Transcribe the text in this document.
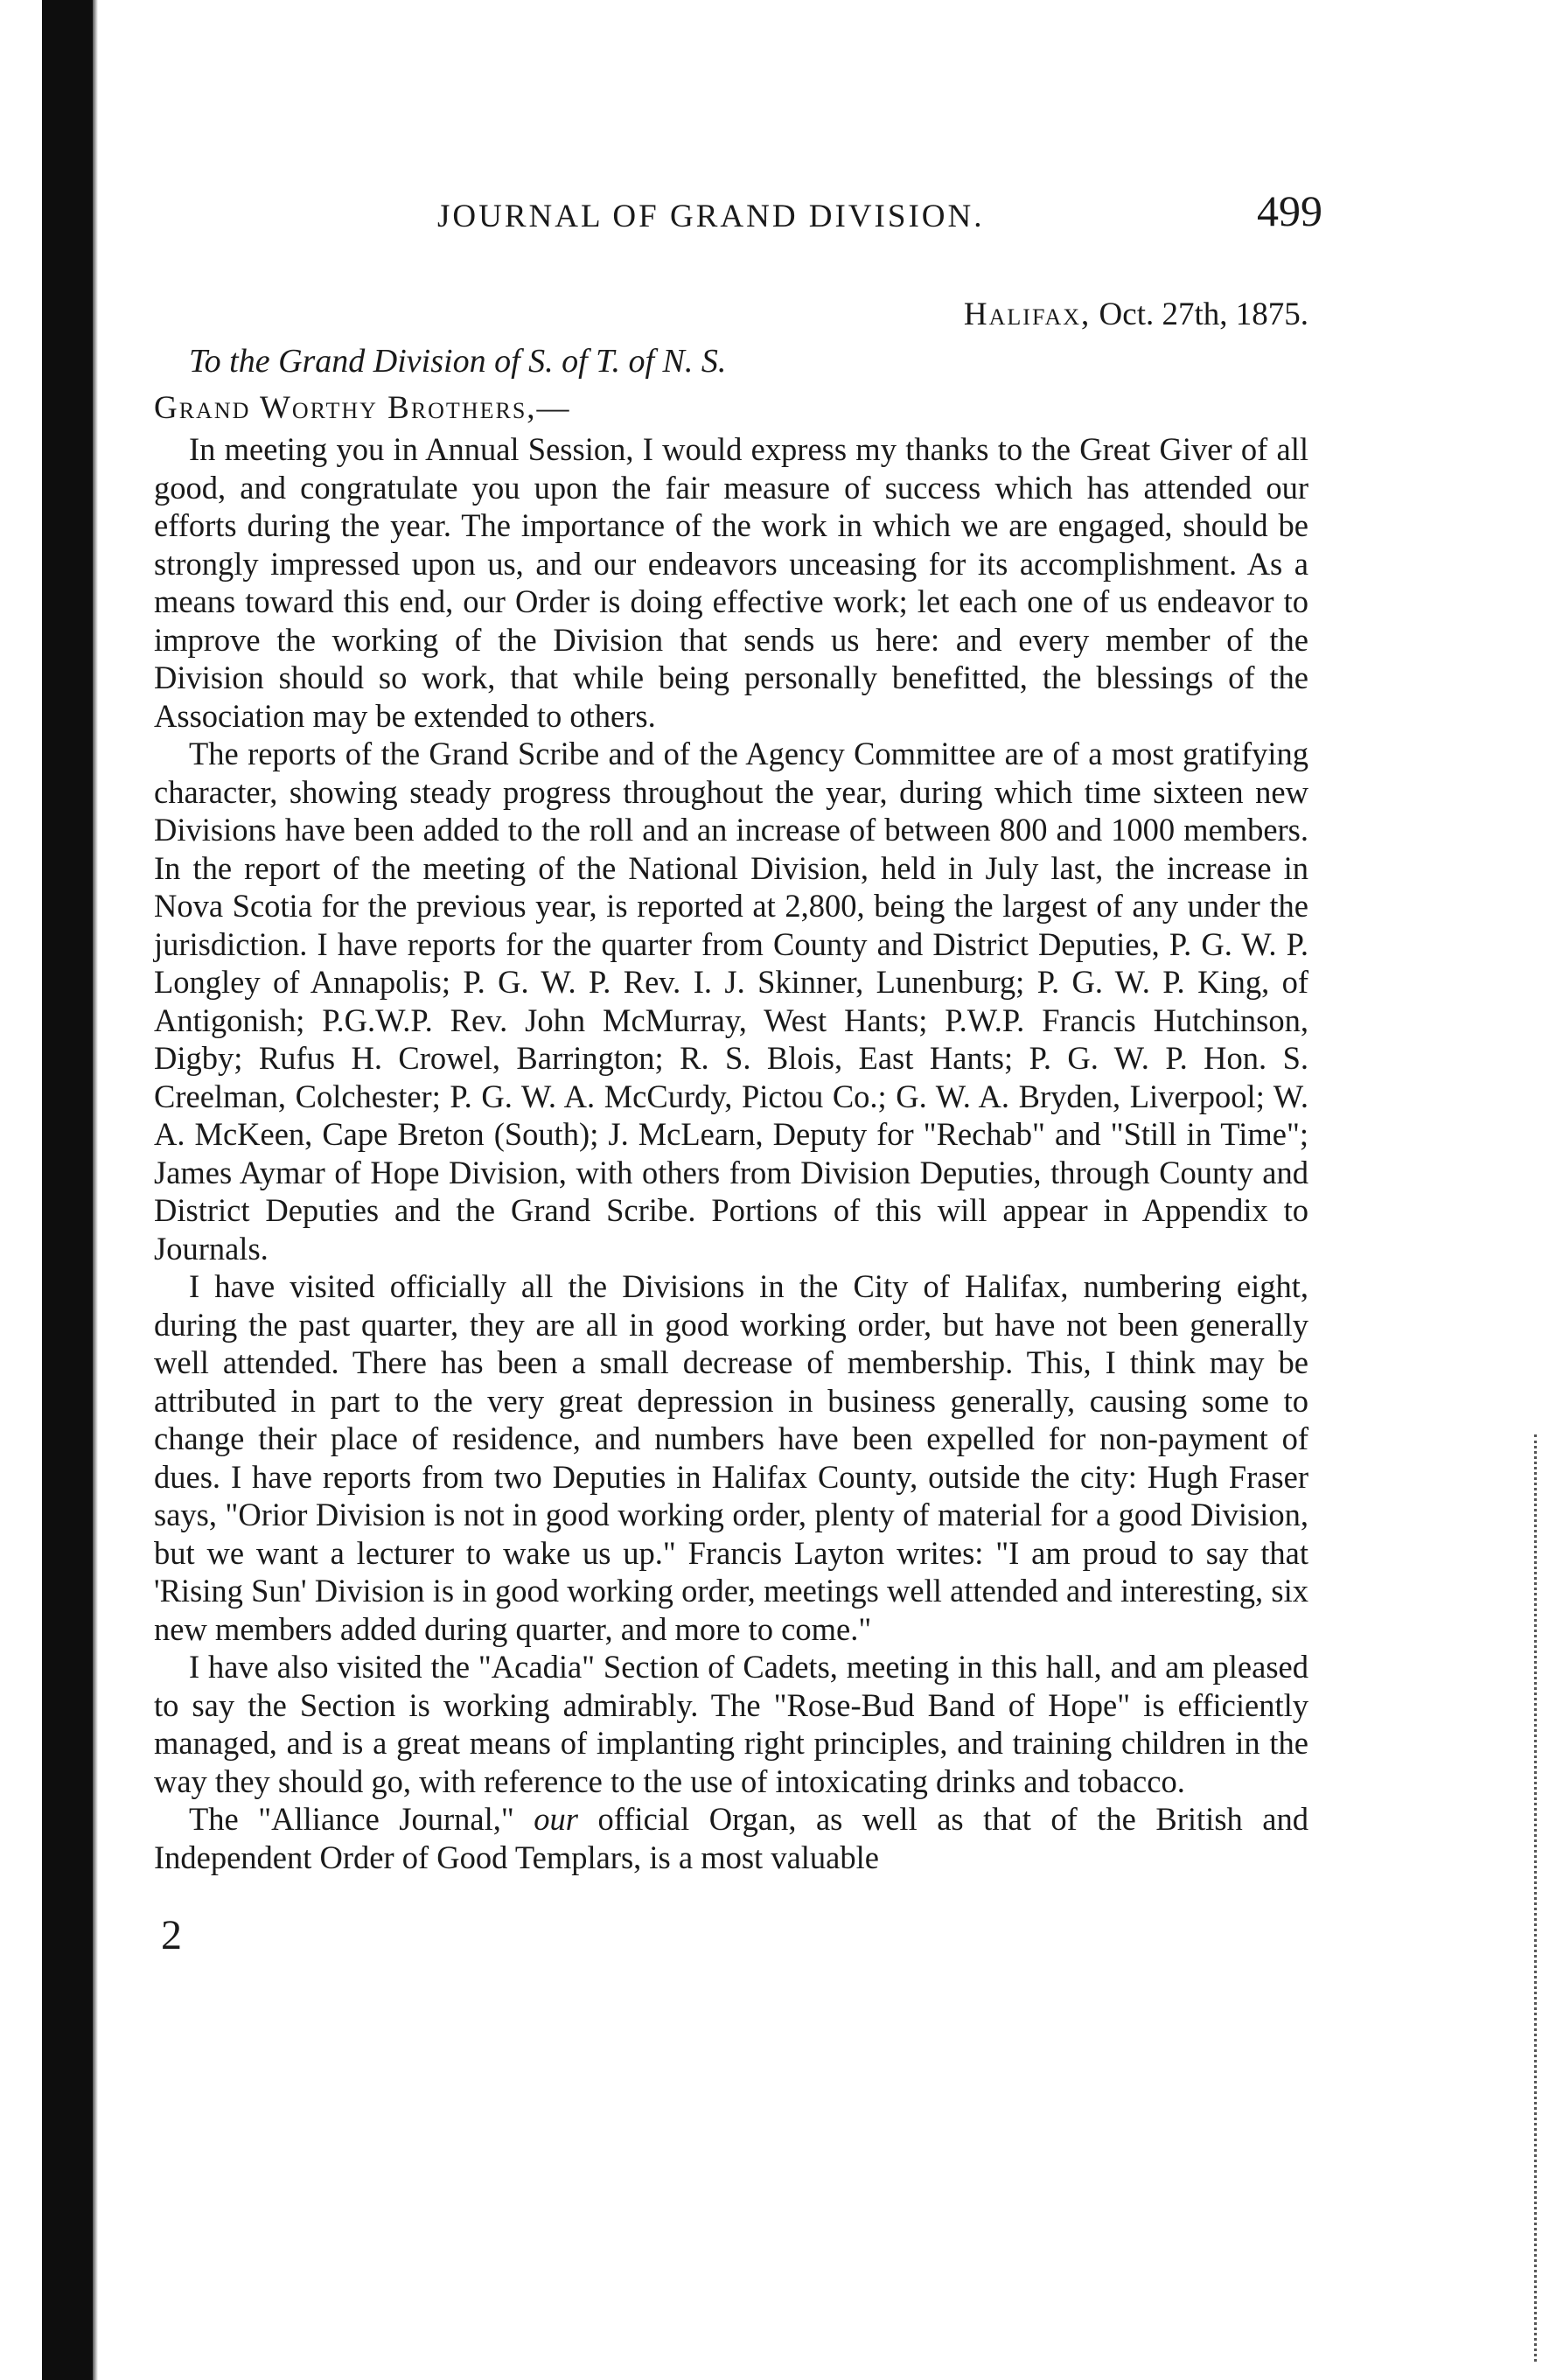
JOURNAL OF GRAND DIVISION.	499

Halifax, Oct. 27th, 1875.

To the Grand Division of S. of T. of N. S.

Grand Worthy Brothers,—

In meeting you in Annual Session, I would express my thanks to the Great Giver of all good, and congratulate you upon the fair measure of success which has attended our efforts during the year. The importance of the work in which we are engaged, should be strongly impressed upon us, and our endeavors unceasing for its accomplishment. As a means toward this end, our Order is doing effective work; let each one of us endeavor to improve the working of the Division that sends us here: and every member of the Division should so work, that while being personally benefitted, the blessings of the Association may be extended to others.

The reports of the Grand Scribe and of the Agency Committee are of a most gratifying character, showing steady progress throughout the year, during which time sixteen new Divisions have been added to the roll and an increase of between 800 and 1000 members. In the report of the meeting of the National Division, held in July last, the increase in Nova Scotia for the previous year, is reported at 2,800, being the largest of any under the jurisdiction. I have reports for the quarter from County and District Deputies, P. G. W. P. Longley of Annapolis; P. G. W. P. Rev. I. J. Skinner, Lunenburg; P. G. W. P. King, of Antigonish; P.G.W.P. Rev. John McMurray, West Hants; P.W.P. Francis Hutchinson, Digby; Rufus H. Crowel, Barrington; R. S. Blois, East Hants; P. G. W. P. Hon. S. Creelman, Colchester; P. G. W. A. McCurdy, Pictou Co.; G. W. A. Bryden, Liverpool; W. A. McKeen, Cape Breton (South); J. McLearn, Deputy for "Rechab" and "Still in Time"; James Aymar of Hope Division, with others from Division Deputies, through County and District Deputies and the Grand Scribe. Portions of this will appear in Appendix to Journals.

I have visited officially all the Divisions in the City of Halifax, numbering eight, during the past quarter, they are all in good working order, but have not been generally well attended. There has been a small decrease of membership. This, I think may be attributed in part to the very great depression in business generally, causing some to change their place of residence, and numbers have been expelled for non-payment of dues. I have reports from two Deputies in Halifax County, outside the city: Hugh Fraser says, "Orior Division is not in good working order, plenty of material for a good Division, but we want a lecturer to wake us up." Francis Layton writes: "I am proud to say that 'Rising Sun' Division is in good working order, meetings well attended and interesting, six new members added during quarter, and more to come."

I have also visited the "Acadia" Section of Cadets, meeting in this hall, and am pleased to say the Section is working admirably. The "Rose-Bud Band of Hope" is efficiently managed, and is a great means of implanting right principles, and training children in the way they should go, with reference to the use of intoxicating drinks and tobacco.

The "Alliance Journal," our official Organ, as well as that of the British and Independent Order of Good Templars, is a most valuable

2
